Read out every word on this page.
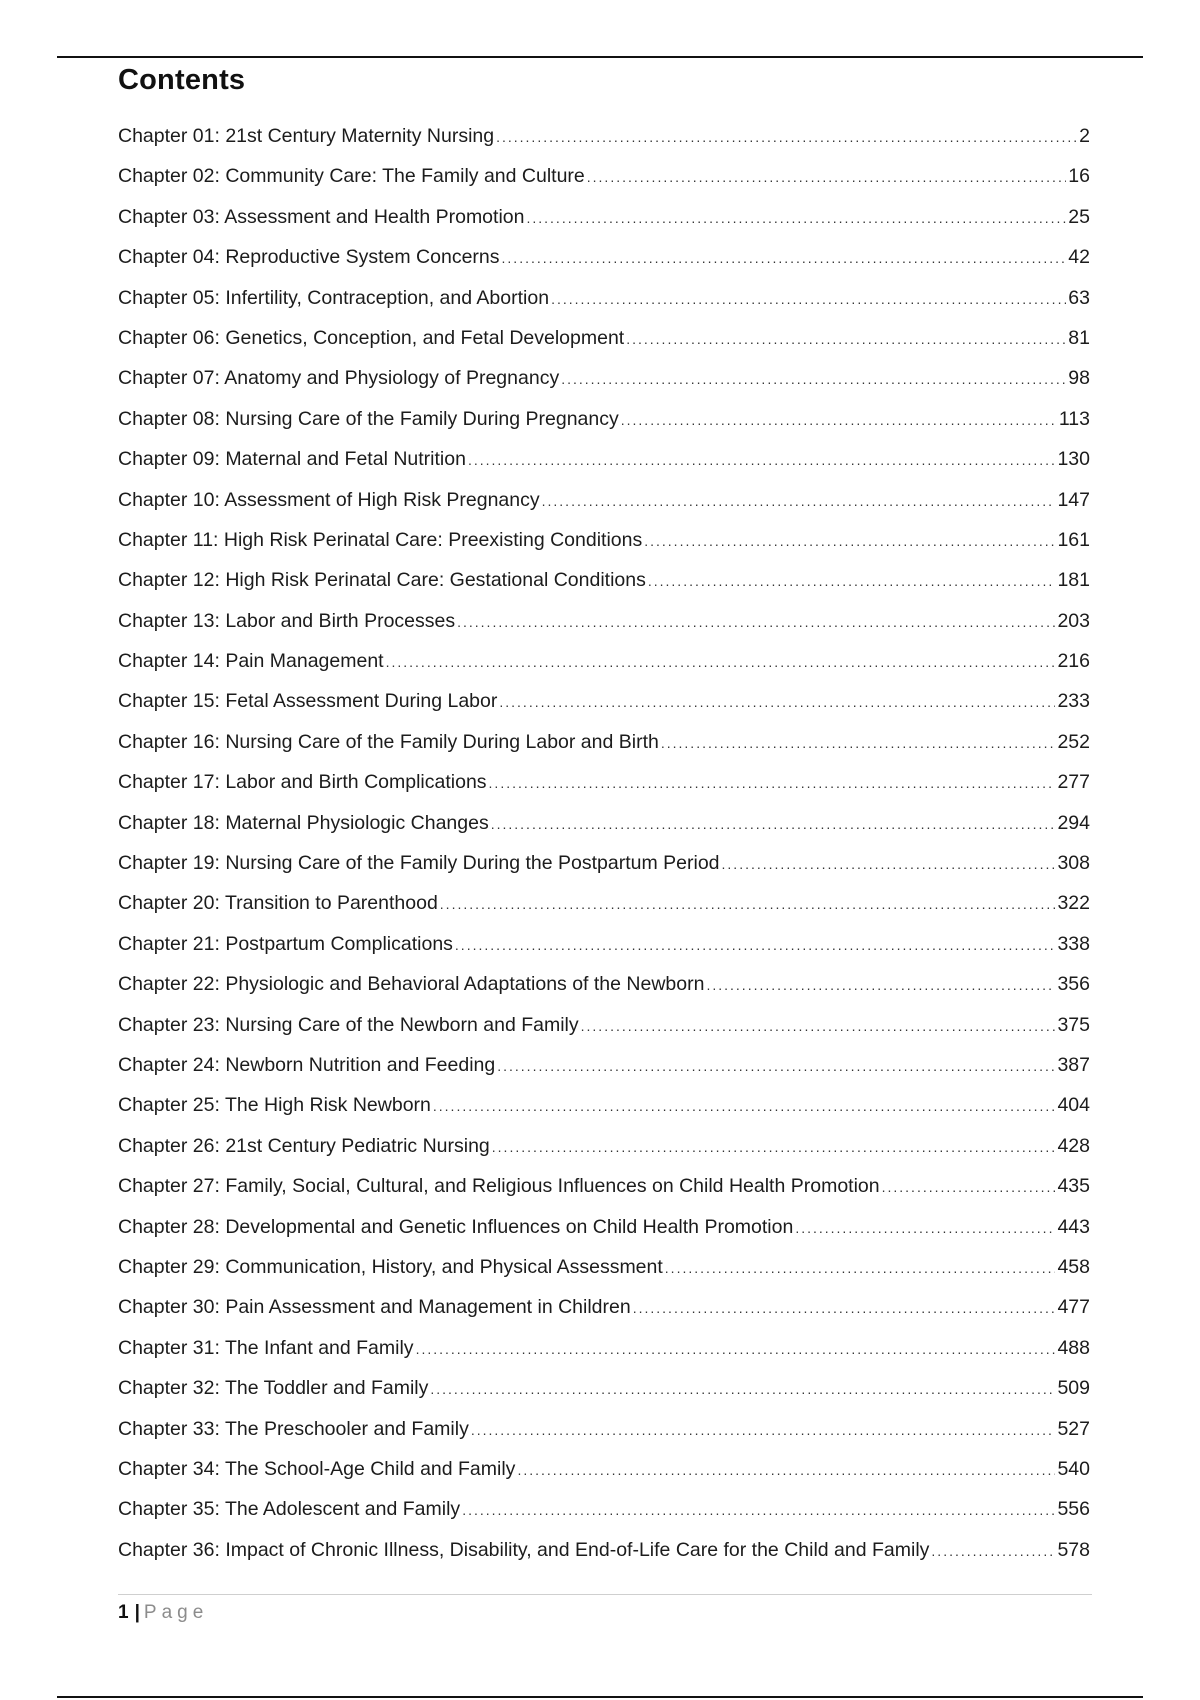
Contents
Chapter 01: 21st Century Maternity Nursing .....	2
Chapter 02: Community Care: The Family and Culture .....	16
Chapter 03: Assessment and Health Promotion .....	25
Chapter 04: Reproductive System Concerns .....	42
Chapter 05: Infertility, Contraception, and Abortion .....	63
Chapter 06: Genetics, Conception, and Fetal Development .....	81
Chapter 07: Anatomy and Physiology of Pregnancy .....	98
Chapter 08: Nursing Care of the Family During Pregnancy .....	113
Chapter 09: Maternal and Fetal Nutrition .....	130
Chapter 10: Assessment of High Risk Pregnancy .....	147
Chapter 11: High Risk Perinatal Care: Preexisting Conditions .....	161
Chapter 12: High Risk Perinatal Care: Gestational Conditions .....	181
Chapter 13: Labor and Birth Processes .....	203
Chapter 14: Pain Management .....	216
Chapter 15: Fetal Assessment During Labor .....	233
Chapter 16: Nursing Care of the Family During Labor and Birth .....	252
Chapter 17: Labor and Birth Complications .....	277
Chapter 18: Maternal Physiologic Changes .....	294
Chapter 19: Nursing Care of the Family During the Postpartum Period .....	308
Chapter 20: Transition to Parenthood .....	322
Chapter 21: Postpartum Complications .....	338
Chapter 22: Physiologic and Behavioral Adaptations of the Newborn .....	356
Chapter 23: Nursing Care of the Newborn and Family .....	375
Chapter 24: Newborn Nutrition and Feeding .....	387
Chapter 25: The High Risk Newborn .....	404
Chapter 26: 21st Century Pediatric Nursing .....	428
Chapter 27: Family, Social, Cultural, and Religious Influences on Child Health Promotion .....	435
Chapter 28: Developmental and Genetic Influences on Child Health Promotion .....	443
Chapter 29: Communication, History, and Physical Assessment .....	458
Chapter 30: Pain Assessment and Management in Children .....	477
Chapter 31: The Infant and Family .....	488
Chapter 32: The Toddler and Family .....	509
Chapter 33: The Preschooler and Family .....	527
Chapter 34: The School-Age Child and Family .....	540
Chapter 35: The Adolescent and Family .....	556
Chapter 36: Impact of Chronic Illness, Disability, and End-of-Life Care for the Child and Family .....	578
1 | Page
